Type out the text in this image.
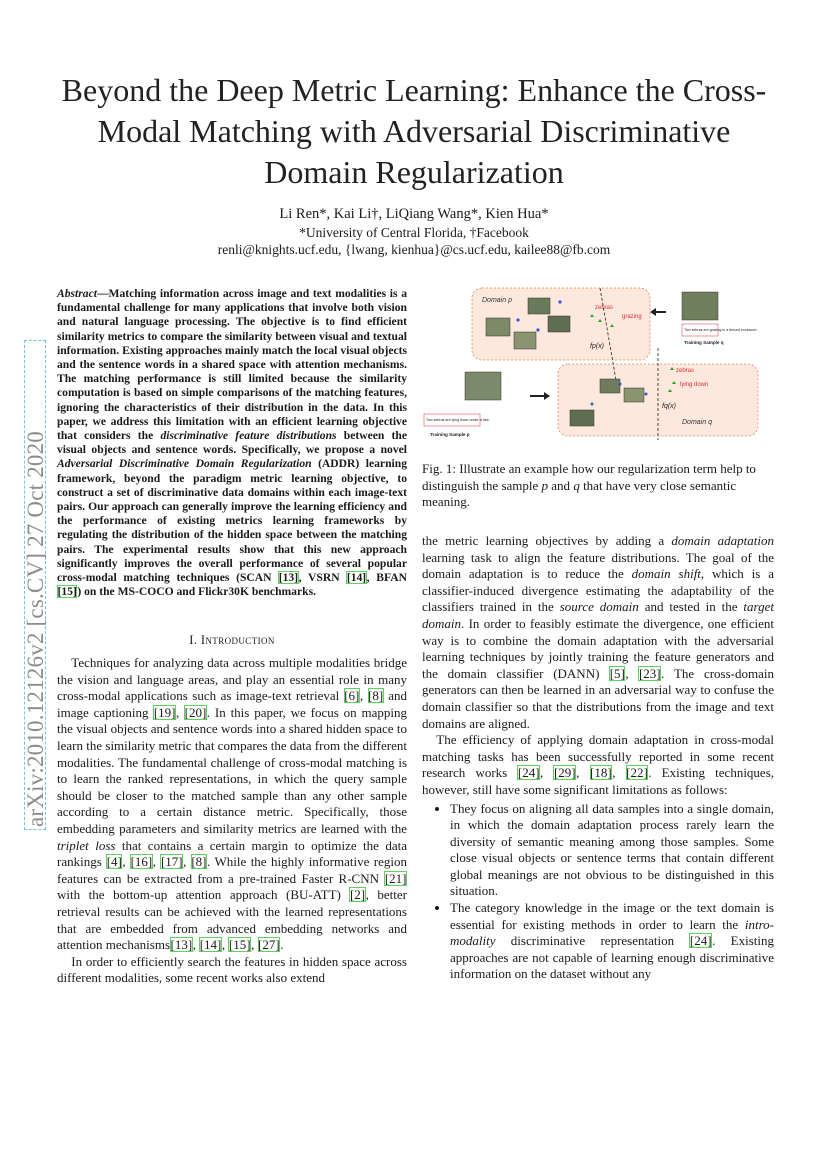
Beyond the Deep Metric Learning: Enhance the Cross-Modal Matching with Adversarial Discriminative Domain Regularization
Li Ren*, Kai Li†, LiQiang Wang*, Kien Hua*
*University of Central Florida, †Facebook
renli@knights.ucf.edu, {lwang, kienhua}@cs.ucf.edu, kailee88@fb.com
arXiv:2010.12126v2 [cs.CV] 27 Oct 2020
Abstract—Matching information across image and text modalities is a fundamental challenge for many applications that involve both vision and natural language processing. The objective is to find efficient similarity metrics to compare the similarity between visual and textual information. Existing approaches mainly match the local visual objects and the sentence words in a shared space with attention mechanisms. The matching performance is still limited because the similarity computation is based on simple comparisons of the matching features, ignoring the characteristics of their distribution in the data. In this paper, we address this limitation with an efficient learning objective that considers the discriminative feature distributions between the visual objects and sentence words. Specifically, we propose a novel Adversarial Discriminative Domain Regularization (ADDR) learning framework, beyond the paradigm metric learning objective, to construct a set of discriminative data domains within each image-text pairs. Our approach can generally improve the learning efficiency and the performance of existing metrics learning frameworks by regulating the distribution of the hidden space between the matching pairs. The experimental results show that this new approach significantly improves the overall performance of several popular cross-modal matching techniques (SCAN [13], VSRN [14], BFAN [15]) on the MS-COCO and Flickr30K benchmarks.
I. Introduction

Techniques for analyzing data across multiple modalities bridge the vision and language areas, and play an essential role in many cross-modal applications such as image-text retrieval [6], [8] and image captioning [19], [20]. In this paper, we focus on mapping the visual objects and sentence words into a shared hidden space to learn the similarity metric that compares the data from the different modalities. The fundamental challenge of cross-modal matching is to learn the ranked representations, in which the query sample should be closer to the matched sample than any other sample according to a certain distance metric. Specifically, those embedding parameters and similarity metrics are learned with the triplet loss that contains a certain margin to optimize the data rankings [4], [16], [17], [8]. While the highly informative region features can be extracted from a pre-trained Faster R-CNN [21] with the bottom-up attention approach (BU-ATT) [2], better retrieval results can be achieved with the learned representations that are embedded from advanced embedding networks and attention mechanisms[13], [14], [15], [27].

In order to efficiently search the features in hidden space across different modalities, some recent works also extend

Domain p
Domain q
zebras
grazing
fp(x)
Two zebras are grazing in a fenced enclosure.
Training Sample q
Two zebras are lying down under a tree.
Training Sample p
zebras
lying down
fq(x)
Fig. 1: Illustrate an example how our regularization term help to distinguish the sample p and q that have very close semantic meaning.

the metric learning objectives by adding a domain adaptation learning task to align the feature distributions. The goal of the domain adaptation is to reduce the domain shift, which is a classifier-induced divergence estimating the adaptability of the classifiers trained in the source domain and tested in the target domain. In order to feasibly estimate the divergence, one efficient way is to combine the domain adaptation with the adversarial learning techniques by jointly training the feature generators and the domain classifier (DANN) [5], [23]. The cross-domain generators can then be learned in an adversarial way to confuse the domain classifier so that the distributions from the image and text domains are aligned.

The efficiency of applying domain adaptation in cross-modal matching tasks has been successfully reported in some recent research works [24], [29], [18], [22]. Existing techniques, however, still have some significant limitations as follows:

• They focus on aligning all data samples into a single domain, in which the domain adaptation process rarely learn the diversity of semantic meaning among those samples. Some close visual objects or sentence terms that contain different global meanings are not obvious to be distinguished in this situation.
• The category knowledge in the image or the text domain is essential for existing methods in order to learn the intro-modality discriminative representation [24]. Existing approaches are not capable of learning enough discriminative information on the dataset without any
